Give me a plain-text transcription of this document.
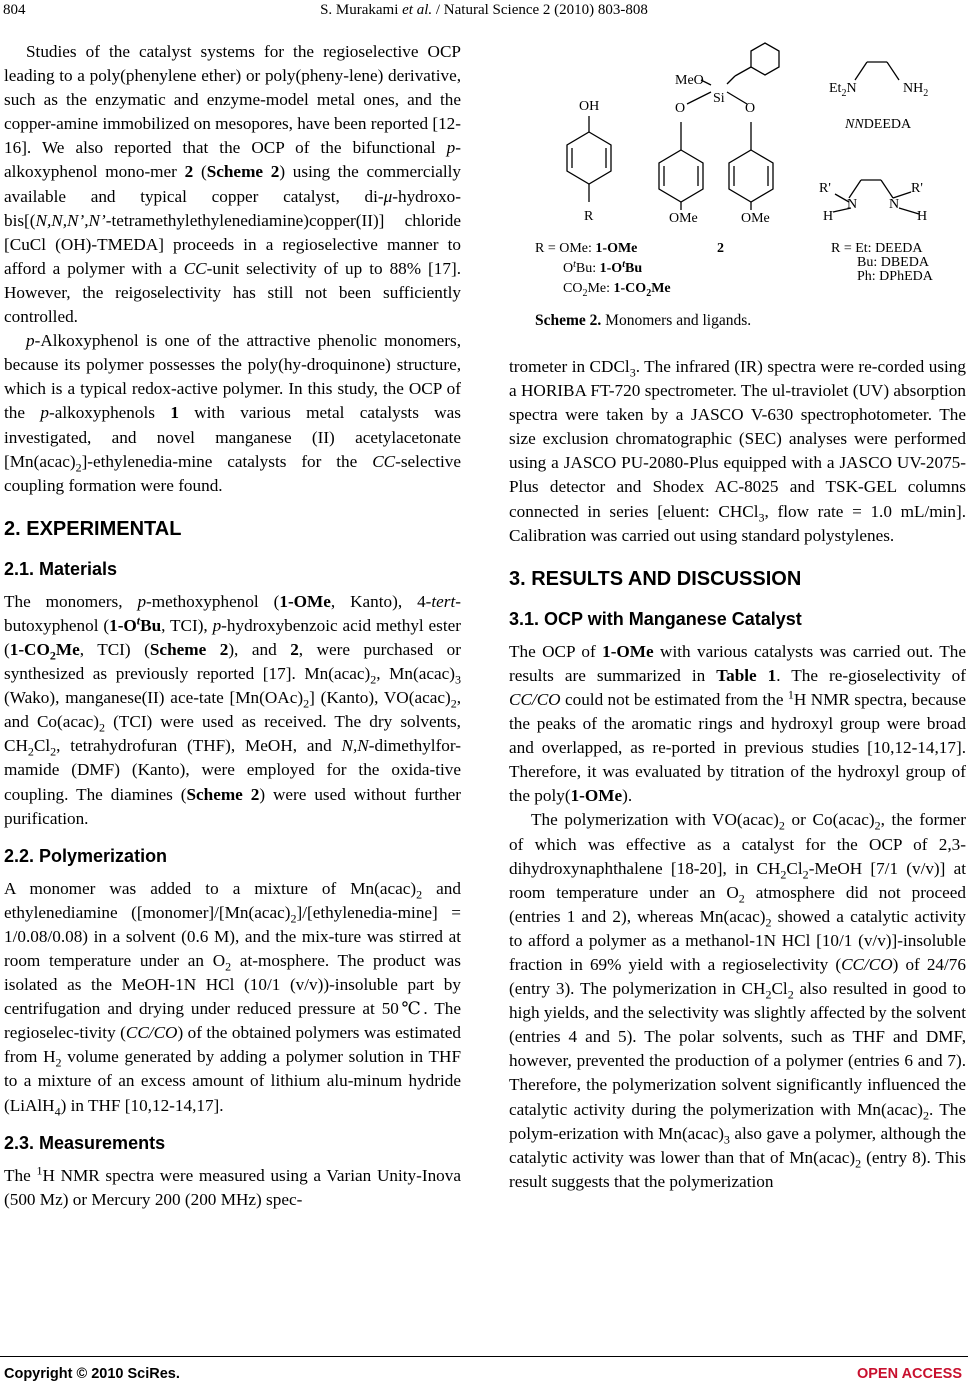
804	S. Murakami et al. / Natural Science 2 (2010) 803-808

Studies of the catalyst systems for the regioselective OCP leading to a poly(phenylene ether) or poly(pheny-lene) derivative, such as the enzymatic and enzyme-model metal ones, and the copper-amine immobilized on mesopores, have been reported [12-16]. We also reported that the OCP of the bifunctional p-alkoxyphenol mono-mer 2 (Scheme 2) using the commercially available and typical copper catalyst, di-μ-hydroxo-bis[(N,N,N’,N’-tetramethylethylenediamine)copper(II)] chloride [CuCl (OH)-TMEDA] proceeds in a regioselective manner to afford a polymer with a CC-unit selectivity of up to 88% [17]. However, the reigoselectivity has still not been sufficiently controlled.

p-Alkoxyphenol is one of the attractive phenolic monomers, because its polymer possesses the poly(hy-droquinone) structure, which is a typical redox-active polymer. In this study, the OCP of the p-alkoxyphenols 1 with various metal catalysts was investigated, and novel manganese (II) acetylacetonate $[Mn(acac)_2]-ethylenedia$-mine catalysts for the CC-selective coupling formation were found.

2. EXPERIMENTAL
2.1. Materials

The monomers, p-methoxyphenol (1-OMe, Kanto), 4-tert-butoxyphenol ($1-O^tBu$, TCI), p-hydroxybenzoic acid methyl ester ($1-CO_2Me$, TCI) (Scheme 2), and 2, were purchased or synthesized as previously reported [17]. $Mn(acac)_2$, $Mn(acac)_3$ (Wako), manganese(II) ace-tate $[Mn(OAc)_2]$ (Kanto), $VO(acac)_2$, and $Co(acac)_2$ (TCI) were used as received. The dry solvents, $CH_2Cl_2$, tetrahydrofuran (THF), MeOH, and N,N-dimethylfor-mamide (DMF) (Kanto), were employed for the oxida-tive coupling. The diamines (Scheme 2) were used without further purification.

2.2. Polymerization

A monomer was added to a mixture of $Mn(acac)_2$ and ethylenediamine $([monomer]/[Mn(acac)_2]/[ethylenedia-\min e] = 1/0.08/0.08)$ in a solvent (0.6 M), and the mix-ture was stirred at room temperature under an $O_2$ at-mosphere. The product was isolated as the MeOH-1N HCl (10/1 (v/v))-insoluble part by centrifugation and drying under reduced pressure at 50℃. The regioselec-tivity (CC/CO) of the obtained polymers was estimated from $H_2$ volume generated by adding a polymer solution in THF to a mixture of an excess amount of lithium alu-minum hydride (LiAlH$_4$) in THF [10,12-14,17].

2.3. Measurements

The $^1$H NMR spectra were measured using a Varian Unity-Inova (500 Mz) or Mercury 200 (200 MHz) spec-

OH
R
MeO
Si
O	O
OMe	OMe
$Et_2N$	$NH_2$
NNDEEDA
R'
N
H
R'
N
H
2
R = OMe: 1-OMe
$O^tBu$: $1-O^tBu$
$CO_2Me$: $1-CO_2Me$
R = Et: DEEDA
Bu: DBEDA
Ph: DPhEDA
Scheme 2. Monomers and ligands.

trometer in CDCl$_3$. The infrared (IR) spectra were re-corded using a HORIBA FT-720 spectrometer. The ul-traviolet (UV) absorption spectra were taken by a JASCO V-630 spectrophotometer. The size exclusion chromatographic (SEC) analyses were performed using a JASCO PU-2080-Plus equipped with a JASCO UV-2075-Plus detector and Shodex AC-8025 and TSK-GEL columns connected in series [eluent: CHCl$_3$, flow rate = 1.0 mL/min]. Calibration was carried out using standard polystylenes.

3. RESULTS AND DISCUSSION
3.1. OCP with Manganese Catalyst

The OCP of 1-OMe with various catalysts was carried out. The results are summarized in Table 1. The re-gioselectivity of CC/CO could not be estimated from the $^1$H NMR spectra, because the peaks of the aromatic rings and hydroxyl group were broad and overlapped, as re-ported in previous studies [10,12-14,17]. Therefore, it was evaluated by titration of the hydroxyl group of the poly(1-OMe).

The polymerization with $VO(acac)_2$ or $Co(acac)_2$, the former of which was effective as a catalyst for the OCP of 2,3-dihydroxynaphthalene [18-20], in $CH_2Cl_2$-MeOH [7/1 (v/v)] at room temperature under an $O_2$ atmosphere did not proceed (entries 1 and 2), whereas $Mn(acac)_2$ showed a catalytic activity to afford a polymer as a methanol-1N HCl [10/1 (v/v)]-insoluble fraction in 69% yield with a regioselectivity (CC/CO) of 24/76 (entry 3). The polymerization in $CH_2Cl_2$ also resulted in good to high yields, and the selectivity was slightly affected by the solvent (entries 4 and 5). The polar solvents, such as THF and DMF, however, prevented the production of a polymer (entries 6 and 7). Therefore, the polymerization solvent significantly influenced the catalytic activity during the polymerization with $Mn(acac)_2$. The polym-erization with $Mn(acac)_3$ also gave a polymer, although the catalytic activity was lower than that of $Mn(acac)_2$ (entry 8). This result suggests that the polymerization

Copyright © 2010 SciRes.	OPEN ACCESS
